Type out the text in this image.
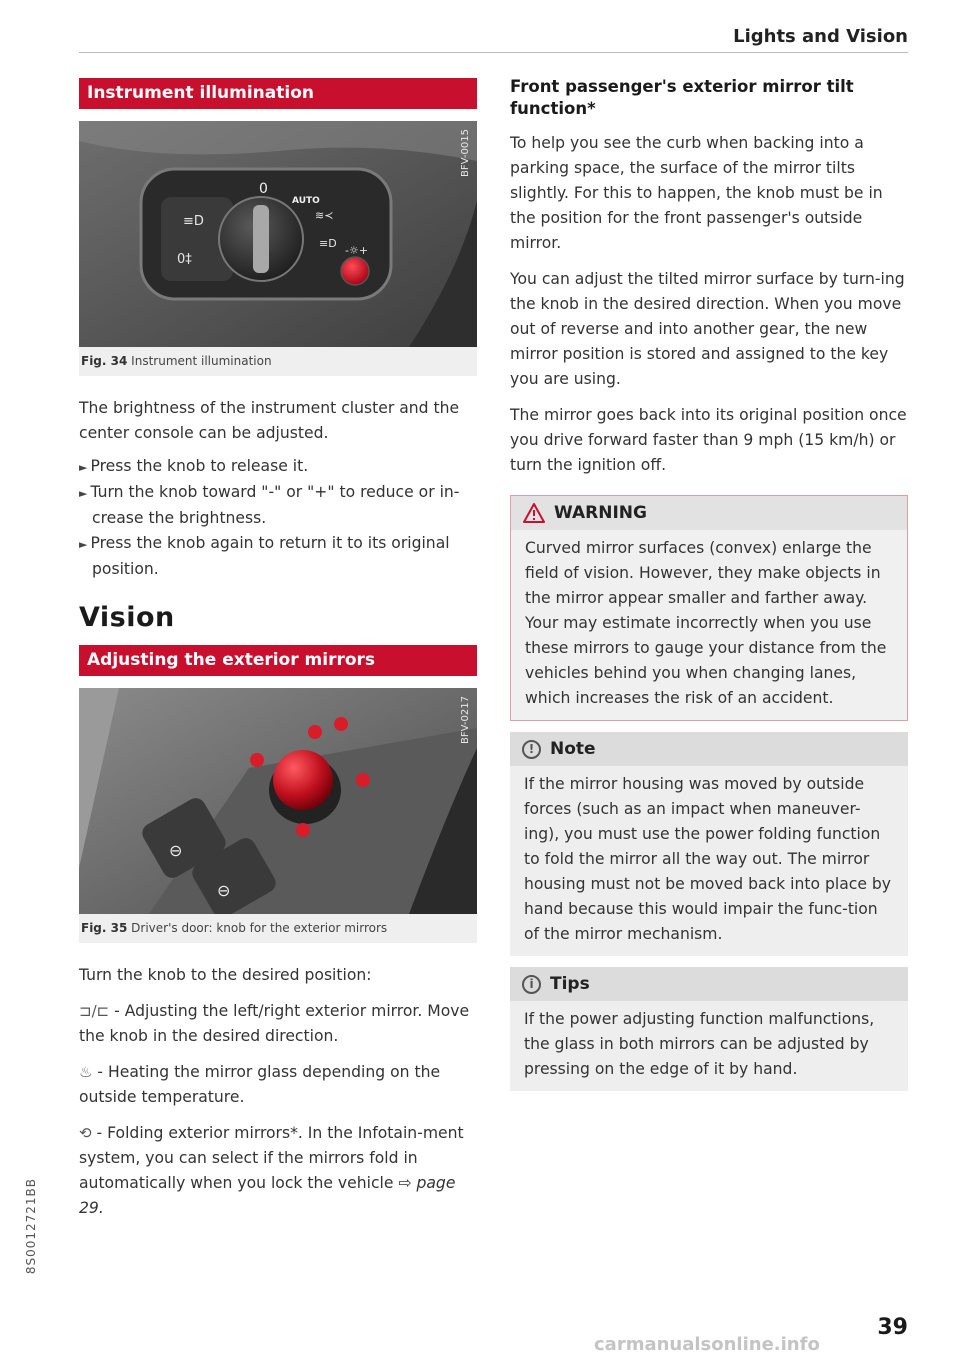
Lights and Vision
Instrument illumination
≡D
0‡
0
AUTO
≋≺
≡D
-☼+
BFV-0015
Fig. 34 Instrument illumination

The brightness of the instrument cluster and the center console can be adjusted.

► Press the knob to release it.
► Turn the knob toward "-" or "+" to reduce or in-crease the brightness.
► Press the knob again to return it to its original position.
Vision
Adjusting the exterior mirrors
⊖
⊖
BFV-0217
Fig. 35 Driver's door: knob for the exterior mirrors

Turn the knob to the desired position:

⊐/⊏ - Adjusting the left/right exterior mirror. Move the knob in the desired direction.

♨ - Heating the mirror glass depending on the outside temperature.

⟲ - Folding exterior mirrors*. In the Infotain-ment system, you can select if the mirrors fold in automatically when you lock the vehicle ⇨ page 29.

Front passenger's exterior mirror tilt function*

To help you see the curb when backing into a parking space, the surface of the mirror tilts slightly. For this to happen, the knob must be in the position for the front passenger's outside mirror.

You can adjust the tilted mirror surface by turn-ing the knob in the desired direction. When you move out of reverse and into another gear, the new mirror position is stored and assigned to the key you are using.

The mirror goes back into its original position once you drive forward faster than 9 mph (15 km/h) or turn the ignition off.

WARNING

Curved mirror surfaces (convex) enlarge the field of vision. However, they make objects in the mirror appear smaller and farther away. Your may estimate incorrectly when you use these mirrors to gauge your distance from the vehicles behind you when changing lanes, which increases the risk of an accident.

! Note

If the mirror housing was moved by outside forces (such as an impact when maneuver-ing), you must use the power folding function to fold the mirror all the way out. The mirror housing must not be moved back into place by hand because this would impair the func-tion of the mirror mechanism.

i Tips

If the power adjusting function malfunctions, the glass in both mirrors can be adjusted by pressing on the edge of it by hand.

8S0012721BB
39
carmanualsonline.info
